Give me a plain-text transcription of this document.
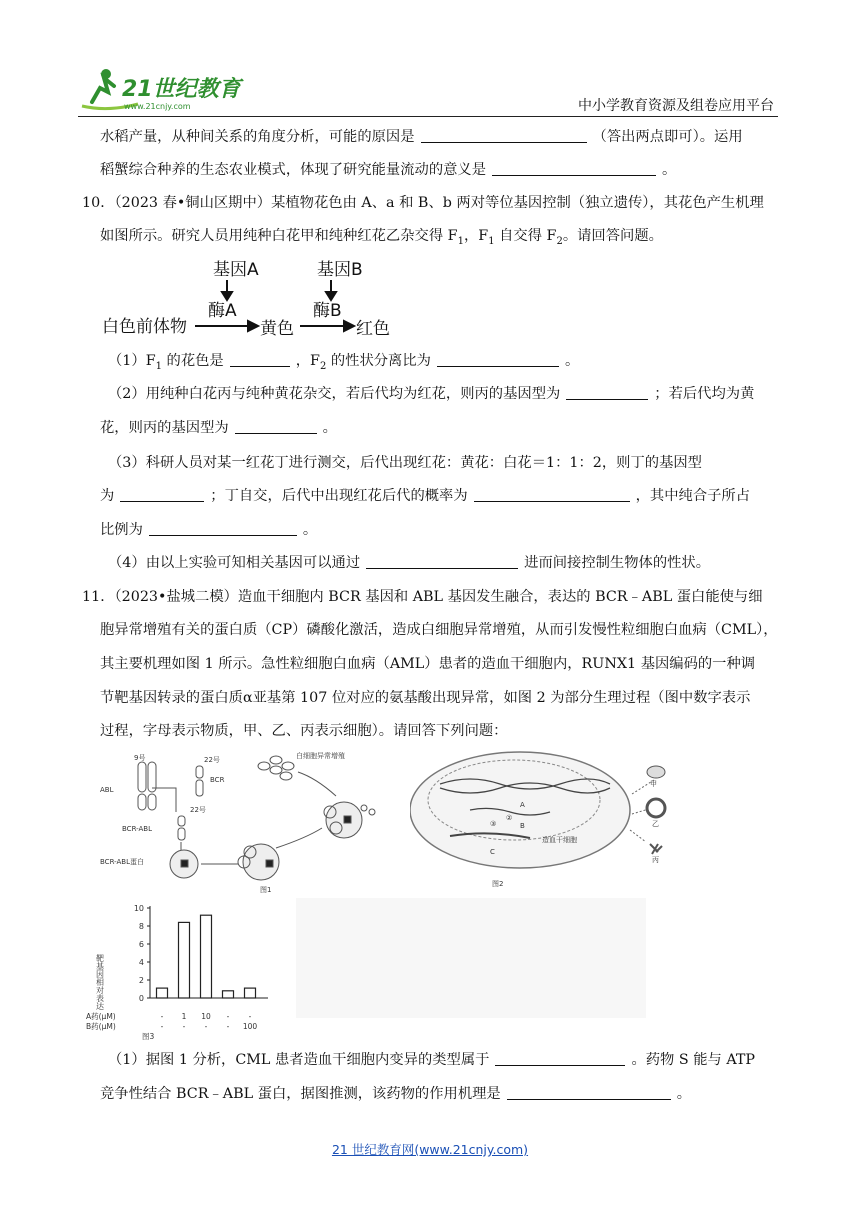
21世纪教育
www.21cnjy.com	中小学教育资源及组卷应用平台
水稻产量，从种间关系的角度分析，可能的原因是	（答出两点即可）。运用
稻蟹综合种养的生态农业模式，体现了研究能量流动的意义是	。
10．（2023 春•铜山区期中）某植物花色由 A、a 和 B、b 两对等位基因控制（独立遗传），其花色产生机理
如图所示。研究人员用纯种白花甲和纯种红花乙杂交得 $F_1$，$F_1$ 自交得 $F_2$。请回答问题。
基因A	基因B
酶A	酶B
白色前体物	黄色	红色
$(1)F_1$ 的花色是	，$F_2$ 的性状分离比为	。
（2）用纯种白花丙与纯种黄花杂交，若后代均为红花，则丙的基因型为	；若后代均为黄
花，则丙的基因型为	。
（3）科研人员对某一红花丁进行测交，后代出现红花：黄花：白花＝1：1：2，则丁的基因型
为	；丁自交，后代中出现红花后代的概率为	，其中纯合子所占
比例为	。
（4）由以上实验可知相关基因可以通过	进而间接控制生物体的性状。
11．（2023•盐城二模）造血干细胞内 BCR 基因和 ABL 基因发生融合，表达的 BCR﹣ABL 蛋白能使与细
胞异常增殖有关的蛋白质（CP）磷酸化激活，造成白细胞异常增殖，从而引发慢性粒细胞白血病（CML），
其主要机理如图 1 所示。急性粒细胞白血病（AML）患者的造血干细胞内，RUNX1 基因编码的一种调
节靶基因转录的蛋白质α亚基第 107 位对应的氨基酸出现异常，如图 2 为部分生理过程（图中数字表示
过程，字母表示物质，甲、乙、丙表示细胞）。请回答下列问题：
9号	22号
BCR
ABL
22号
BCR-ABL
BCR-ABL蛋白
白细胞异常增殖
图1
A
②
③	B
造血干细胞
C
甲
乙
丙
图2
靶基因相对表达	0
2
4
6
8
10
-
-
1
-
10
-
-
-
-
100
A药(μM)
B药(μM)
图3
（1）据图 1 分析，CML 患者造血干细胞内变异的类型属于	。药物 S 能与 ATP
竞争性结合 BCR﹣ABL 蛋白，据图推测，该药物的作用机理是	。
21 世纪教育网(www.21cnjy.com)
